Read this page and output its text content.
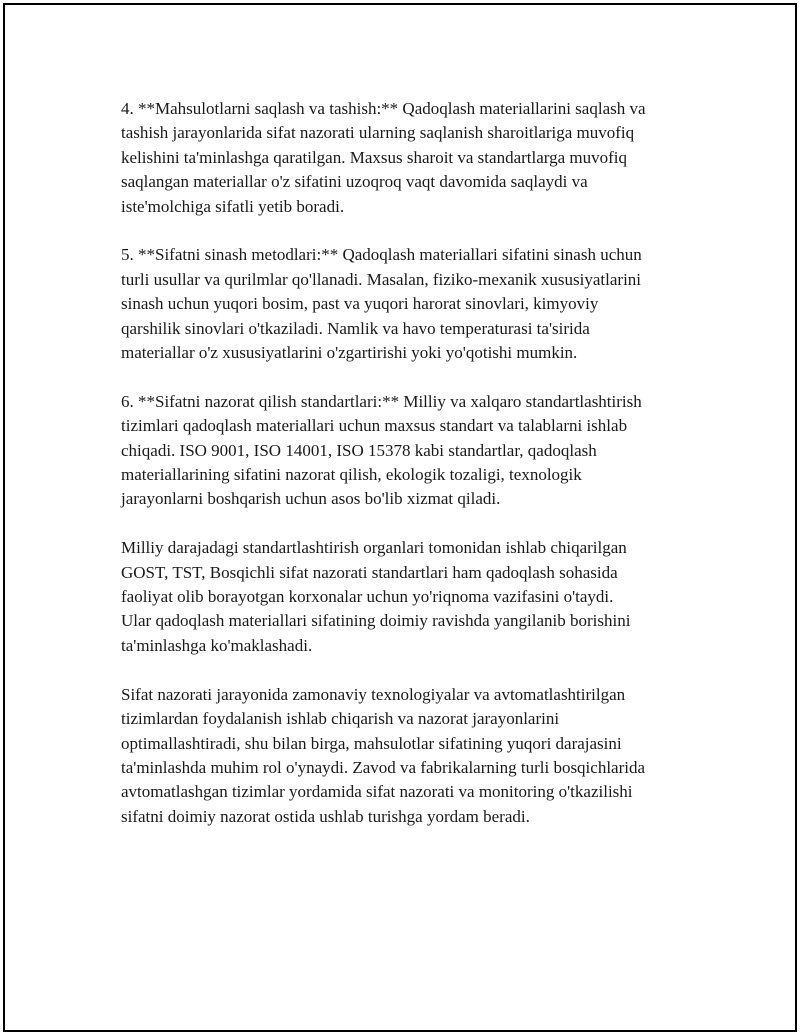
4. **Mahsulotlarni saqlash va tashish:** Qadoqlash materiallarini saqlash va
tashish jarayonlarida sifat nazorati ularning saqlanish sharoitlariga muvofiq
kelishini ta'minlashga qaratilgan. Maxsus sharoit va standartlarga muvofiq
saqlangan materiallar o'z sifatini uzoqroq vaqt davomida saqlaydi va
iste'molchiga sifatli yetib boradi.

5. **Sifatni sinash metodlari:** Qadoqlash materiallari sifatini sinash uchun
turli usullar va qurilmlar qo'llanadi. Masalan, fiziko-mexanik xususiyatlarini
sinash uchun yuqori bosim, past va yuqori harorat sinovlari, kimyoviy
qarshilik sinovlari o'tkaziladi. Namlik va havo temperaturasi ta'sirida
materiallar o'z xususiyatlarini o'zgartirishi yoki yo'qotishi mumkin.

6. **Sifatni nazorat qilish standartlari:** Milliy va xalqaro standartlashtirish
tizimlari qadoqlash materiallari uchun maxsus standart va talablarni ishlab
chiqadi. ISO 9001, ISO 14001, ISO 15378 kabi standartlar, qadoqlash
materiallarining sifatini nazorat qilish, ekologik tozaligi, texnologik
jarayonlarni boshqarish uchun asos bo'lib xizmat qiladi.

Milliy darajadagi standartlashtirish organlari tomonidan ishlab chiqarilgan
GOST, TST, Bosqichli sifat nazorati standartlari ham qadoqlash sohasida
faoliyat olib borayotgan korxonalar uchun yo'riqnoma vazifasini o'taydi.
Ular qadoqlash materiallari sifatining doimiy ravishda yangilanib borishini
ta'minlashga ko'maklashadi.

Sifat nazorati jarayonida zamonaviy texnologiyalar va avtomatlashtirilgan
tizimlardan foydalanish ishlab chiqarish va nazorat jarayonlarini
optimallashtiradi, shu bilan birga, mahsulotlar sifatining yuqori darajasini
ta'minlashda muhim rol o'ynaydi. Zavod va fabrikalarning turli bosqichlarida
avtomatlashgan tizimlar yordamida sifat nazorati va monitoring o'tkazilishi
sifatni doimiy nazorat ostida ushlab turishga yordam beradi.
